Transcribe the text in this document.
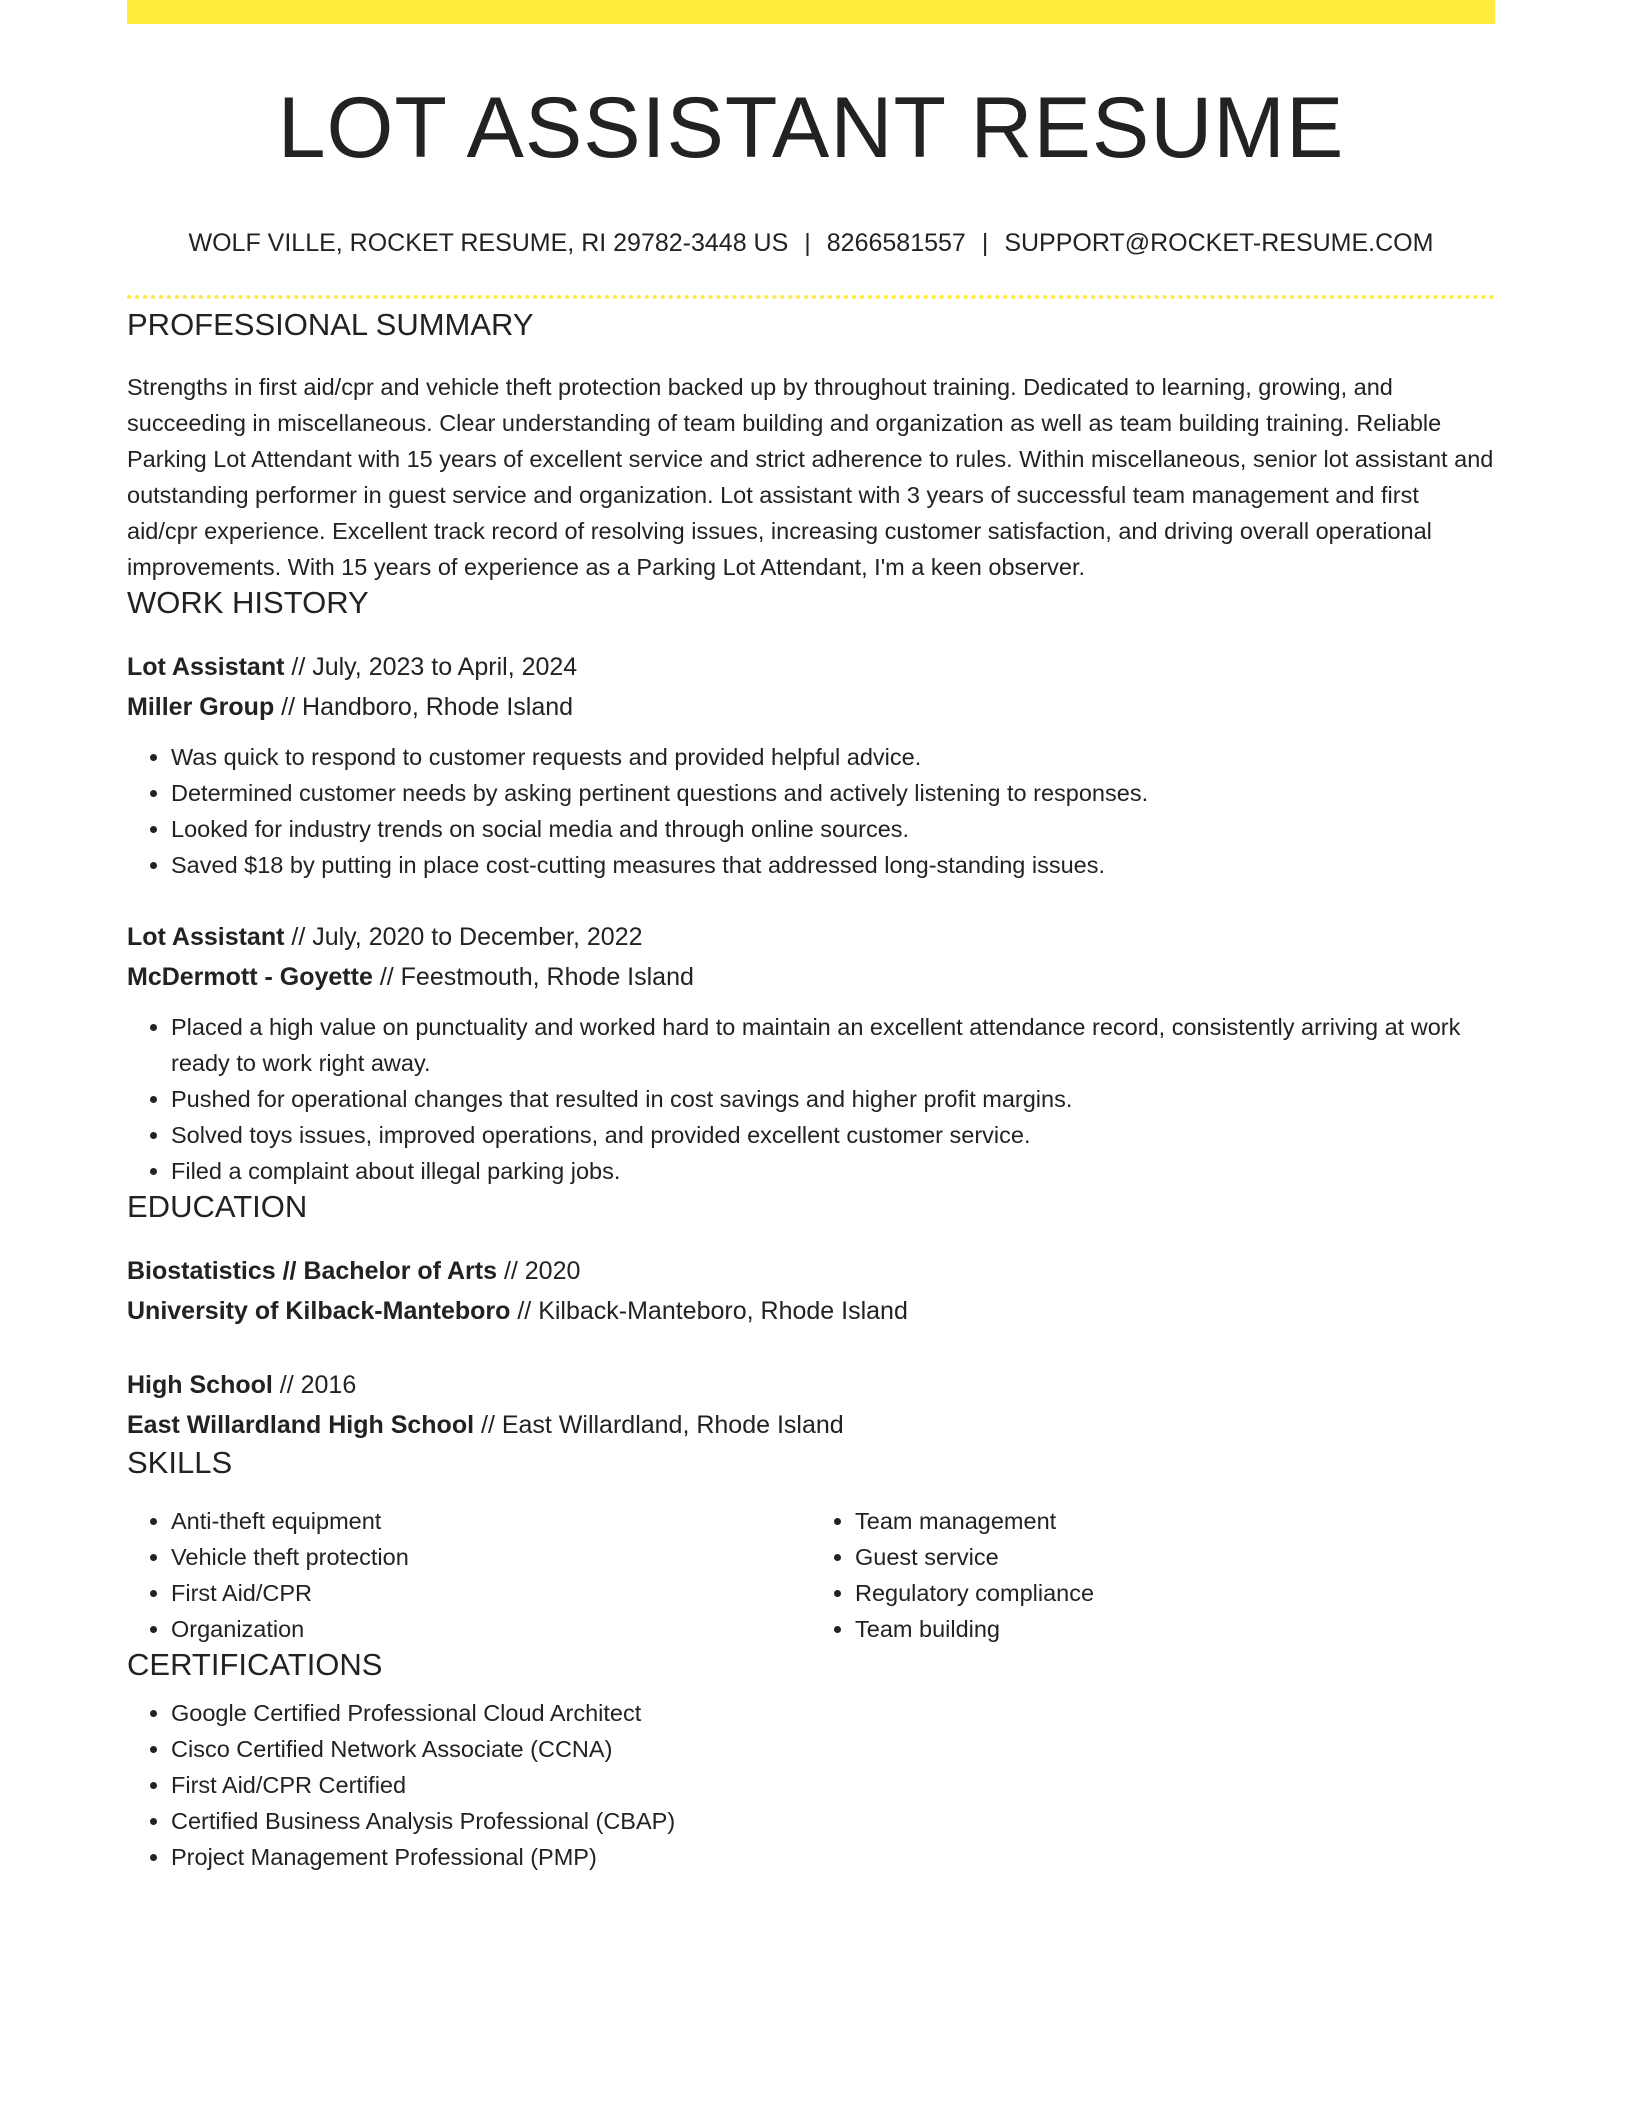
LOT ASSISTANT RESUME
WOLF VILLE, ROCKET RESUME, RI 29782-3448 US | 8266581557 | SUPPORT@ROCKET-RESUME.COM
PROFESSIONAL SUMMARY

Strengths in first aid/cpr and vehicle theft protection backed up by throughout training. Dedicated to learning, growing, and succeeding in miscellaneous. Clear understanding of team building and organization as well as team building training. Reliable Parking Lot Attendant with 15 years of excellent service and strict adherence to rules. Within miscellaneous, senior lot assistant and outstanding performer in guest service and organization. Lot assistant with 3 years of successful team management and first aid/cpr experience. Excellent track record of resolving issues, increasing customer satisfaction, and driving overall operational improvements. With 15 years of experience as a Parking Lot Attendant, I'm a keen observer.

WORK HISTORY
Lot Assistant // July, 2023 to April, 2024
Miller Group // Handboro, Rhode Island
• Was quick to respond to customer requests and provided helpful advice.
• Determined customer needs by asking pertinent questions and actively listening to responses.
• Looked for industry trends on social media and through online sources.
• Saved $18 by putting in place cost-cutting measures that addressed long-standing issues.
Lot Assistant // July, 2020 to December, 2022
McDermott - Goyette // Feestmouth, Rhode Island
• Placed a high value on punctuality and worked hard to maintain an excellent attendance record, consistently arriving at work ready to work right away.
• Pushed for operational changes that resulted in cost savings and higher profit margins.
• Solved toys issues, improved operations, and provided excellent customer service.
• Filed a complaint about illegal parking jobs.
EDUCATION
Biostatistics // Bachelor of Arts // 2020
University of Kilback-Manteboro // Kilback-Manteboro, Rhode Island
High School // 2016
East Willardland High School // East Willardland, Rhode Island
SKILLS
• Anti-theft equipment
• Vehicle theft protection
• First Aid/CPR
• Organization
• Team management
• Guest service
• Regulatory compliance
• Team building
CERTIFICATIONS
• Google Certified Professional Cloud Architect
• Cisco Certified Network Associate (CCNA)
• First Aid/CPR Certified
• Certified Business Analysis Professional (CBAP)
• Project Management Professional (PMP)
